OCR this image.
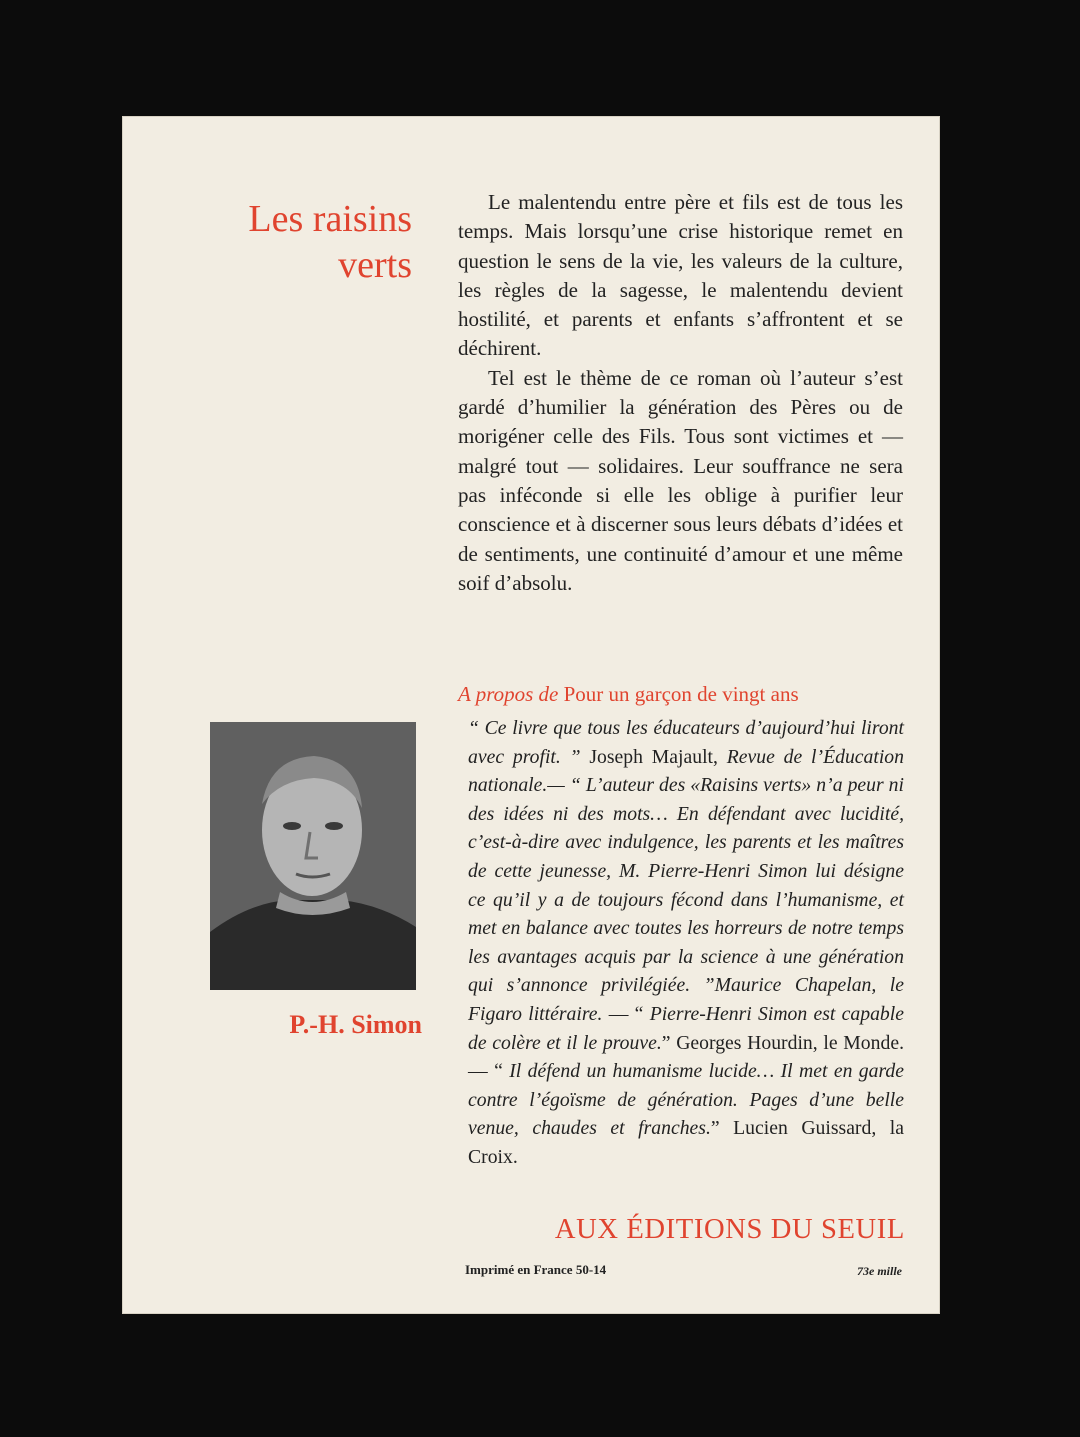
Les raisins verts

Le malentendu entre père et fils est de tous les temps. Mais lorsqu’une crise historique remet en question le sens de la vie, les valeurs de la culture, les règles de la sagesse, le malentendu devient hostilité, et parents et enfants s’affrontent et se déchirent.

Tel est le thème de ce roman où l’auteur s’est gardé d’humilier la génération des Pères ou de morigéner celle des Fils. Tous sont victimes et — malgré tout — solidaires. Leur souffrance ne sera pas inféconde si elle les oblige à purifier leur conscience et à discerner sous leurs débats d’idées et de sentiments, une continuité d’amour et une même soif d’absolu.

A propos de Pour un garçon de vingt ans
P.-H. Simon

“ Ce livre que tous les éducateurs d’aujourd’hui liront avec profit. ” Joseph Majault, Revue de l’Éducation nationale.— “ L’auteur des «Raisins verts» n’a peur ni des idées ni des mots… En défendant avec lucidité, c’est-à-dire avec indulgence, les parents et les maîtres de cette jeunesse, M. Pierre-Henri Simon lui désigne ce qu’il y a de toujours fécond dans l’humanisme, et met en balance avec toutes les horreurs de notre temps les avantages acquis par la science à une génération qui s’annonce privilégiée. ”Maurice Chapelan, le Figaro littéraire. — “ Pierre-Henri Simon est capable de colère et il le prouve.” Georges Hourdin, le Monde. — “ Il défend un humanisme lucide… Il met en garde contre l’égoïsme de génération. Pages d’une belle venue, chaudes et franches.” Lucien Guissard, la Croix.

AUX ÉDITIONS DU SEUIL
Imprimé en France 50-14	73e mille
